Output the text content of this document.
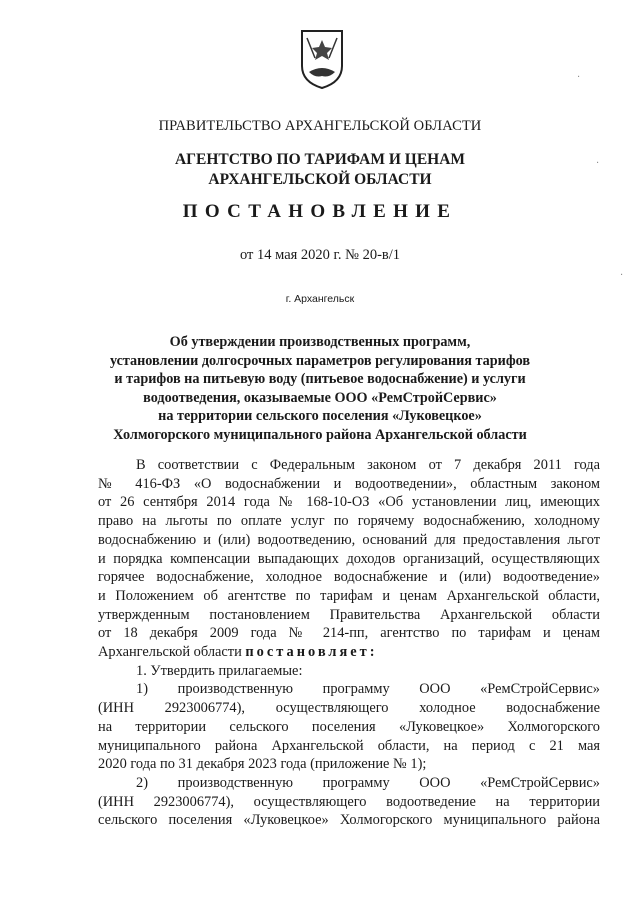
ПРАВИТЕЛЬСТВО АРХАНГЕЛЬСКОЙ ОБЛАСТИ
АГЕНТСТВО ПО ТАРИФАМ И ЦЕНАМ
АРХАНГЕЛЬСКОЙ ОБЛАСТИ
ПОСТАНОВЛЕНИЕ
от 14 мая 2020 г. № 20-в/1
г. Архангельск
Об утверждении производственных программ,
установлении долгосрочных параметров регулирования тарифов
и тарифов на питьевую воду (питьевое водоснабжение) и услуги
водоотведения, оказываемые ООО «РемСтройСервис»
на территории сельского поселения «Луковецкое»
Холмогорского муниципального района Архангельской области
В соответствии с Федеральным законом от 7 декабря 2011 года
№ 416-ФЗ «О водоснабжении и водоотведении», областным законом
от 26 сентября 2014 года № 168-10-ОЗ «Об установлении лиц, имеющих
право на льготы по оплате услуг по горячему водоснабжению, холодному
водоснабжению и (или) водоотведению, оснований для предоставления льгот
и порядка компенсации выпадающих доходов организаций, осуществляющих
горячее водоснабжение, холодное водоснабжение и (или) водоотведение»
и Положением об агентстве по тарифам и ценам Архангельской области,
утвержденным постановлением Правительства Архангельской области
от 18 декабря 2009 года № 214-пп, агентство по тарифам и ценам
Архангельской области постановляет:
1. Утвердить прилагаемые:
1) производственную программу ООО «РемСтройСервис»
(ИНН 2923006774), осуществляющего холодное водоснабжение
на территории сельского поселения «Луковецкое» Холмогорского
муниципального района Архангельской области, на период с 21 мая
2020 года по 31 декабря 2023 года (приложение № 1);
2) производственную программу ООО «РемСтройСервис»
(ИНН 2923006774), осуществляющего водоотведение на территории
сельского поселения «Луковецкое» Холмогорского муниципального района
·
·
·
